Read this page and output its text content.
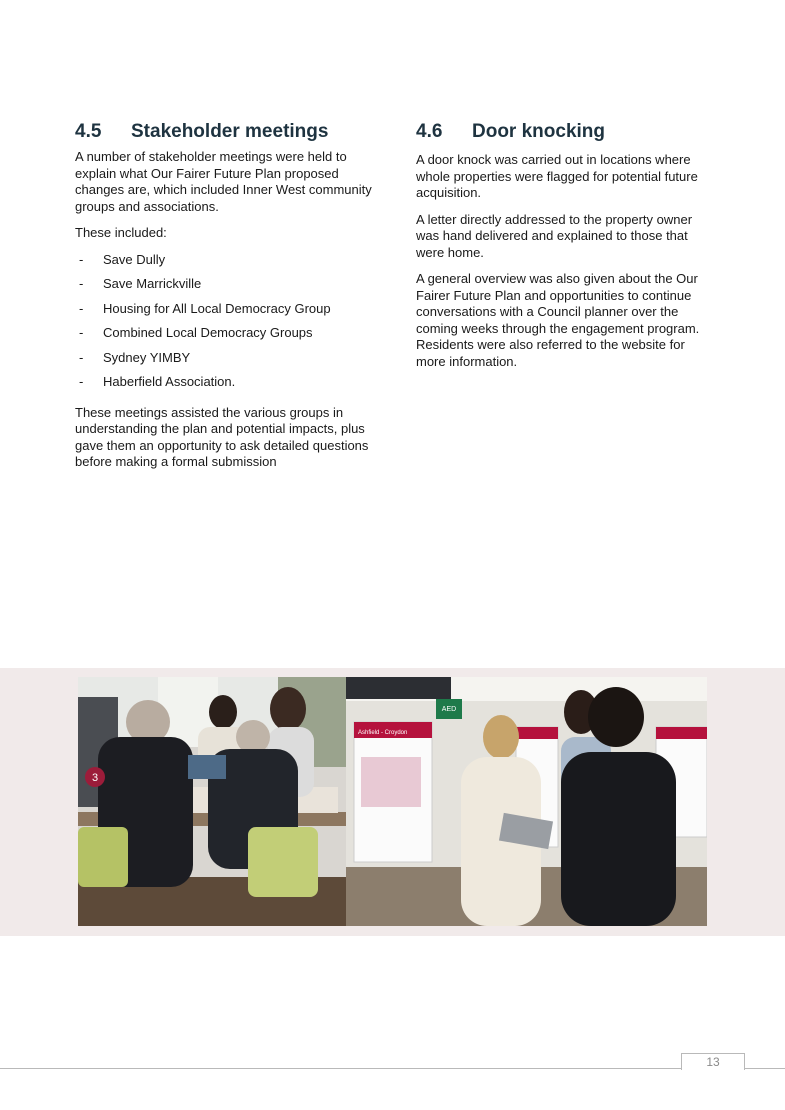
4.5	Stakeholder meetings

A number of stakeholder meetings were held to explain what Our Fairer Future Plan proposed changes are, which included Inner West community groups and associations.

These included:

-	Save Dully
-	Save Marrickville
-	Housing for All Local Democracy Group
-	Combined Local Democracy Groups
-	Sydney YIMBY
-	Haberfield Association.

These meetings assisted the various groups in understanding the plan and potential impacts, plus gave them an opportunity to ask detailed questions before making a formal submission

4.6	Door knocking

A door knock was carried out in locations where whole properties were flagged for potential future acquisition.

A letter directly addressed to the property owner was hand delivered and explained to those that were home.

A general overview was also given about the Our Fairer Future Plan and opportunities to continue conversations with a Council planner over the coming weeks through the engagement program. Residents were also referred to the website for more information.

3
AED
Ashfield - Croydon
13
